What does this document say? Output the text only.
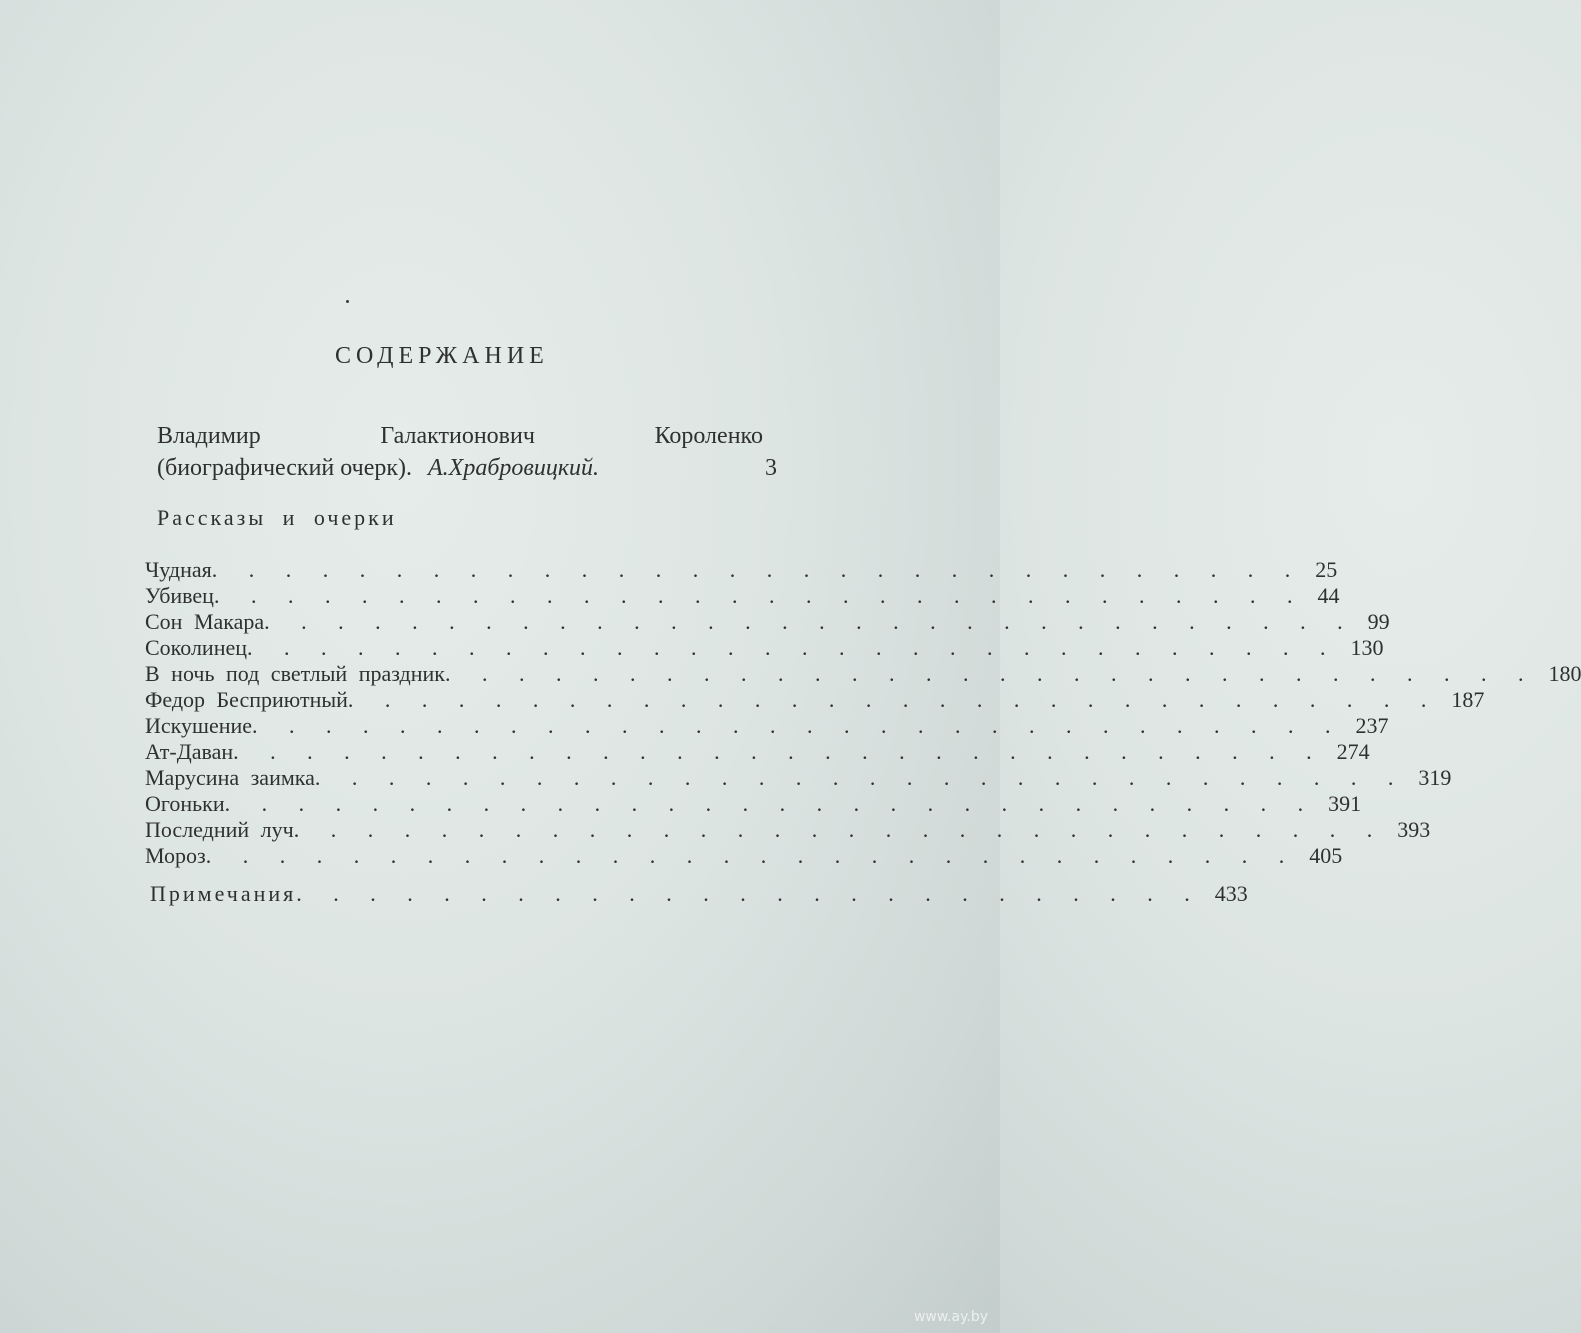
СОДЕРЖАНИЕ
Владимир	Галактионович	Короленко
(биографический очерк). А.Храбровицкий.	3
Рассказы и очерки
Чудная . . . . . . . . . . . . . . . . . . . . . . . . . . . . . . 25
Убивец . . . . . . . . . . . . . . . . . . . . . . . . . . . . . . 44
Сон Макара . . . . . . . . . . . . . . . . . . . . . . . . . . . . . . 99
Соколинец . . . . . . . . . . . . . . . . . . . . . . . . . . . . . . 130
В ночь под светлый праздник . . . . . . . . . . . . . . . . . . . . . . . . . . . . . . 180
Федор Бесприютный . . . . . . . . . . . . . . . . . . . . . . . . . . . . . . 187
Искушение . . . . . . . . . . . . . . . . . . . . . . . . . . . . . . 237
Ат-Даван . . . . . . . . . . . . . . . . . . . . . . . . . . . . . . 274
Марусина заимка . . . . . . . . . . . . . . . . . . . . . . . . . . . . . . 319
Огоньки . . . . . . . . . . . . . . . . . . . . . . . . . . . . . . 391
Последний луч . . . . . . . . . . . . . . . . . . . . . . . . . . . . . . 393
Мороз . . . . . . . . . . . . . . . . . . . . . . . . . . . . . . 405
Примечания . . . . . . . . . . . . . . . . . . . . . . . . . 433
www.ay.by
